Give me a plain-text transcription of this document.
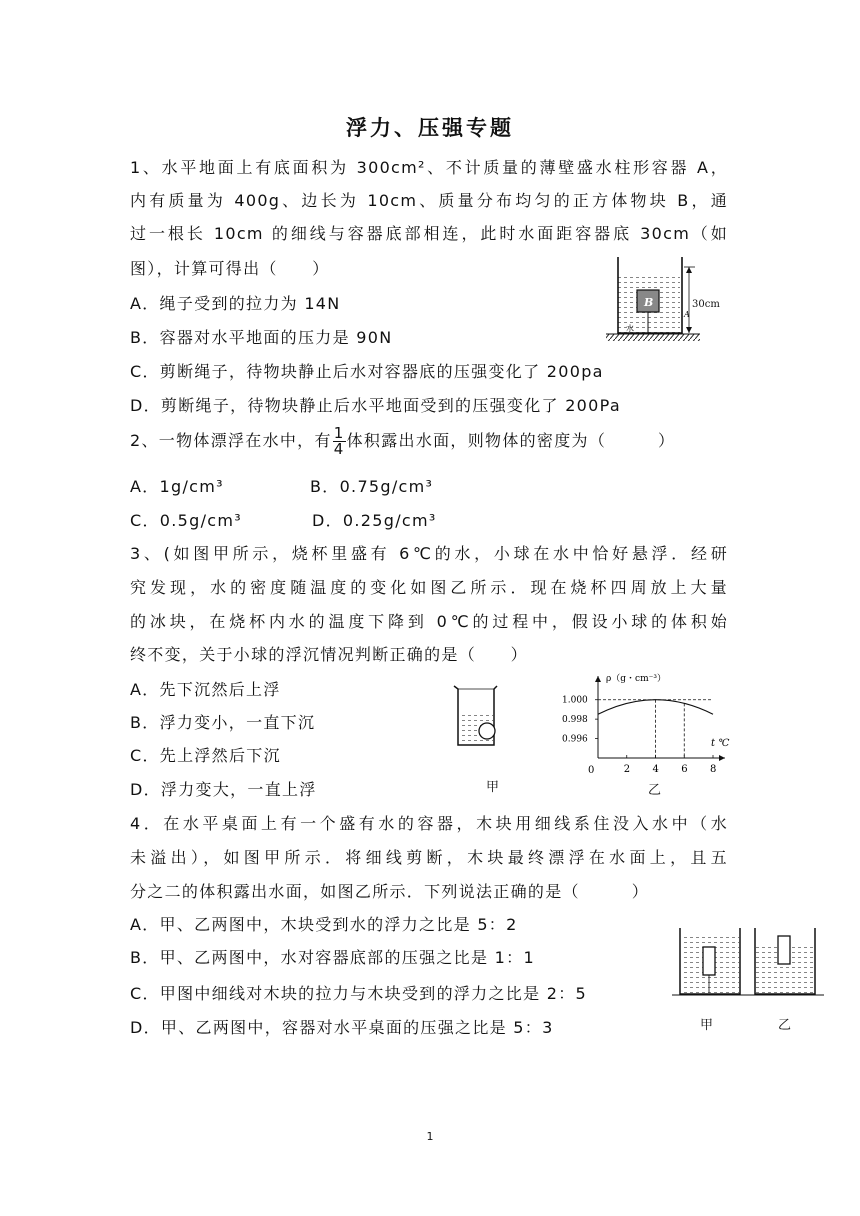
浮力、压强专题
1、水平地面上有底面积为 300cm²、不计质量的薄壁盛水柱形容器 A，
内有质量为 400g、边长为 10cm、质量分布均匀的正方体物块 B，通
过一根长 10cm 的细线与容器底部相连，此时水面距容器底 30cm（如
图），计算可得出（　　）
A．绳子受到的拉力为 14N
B．容器对水平地面的压力是 90N
C．剪断绳子，待物块静止后水对容器底的压强变化了 200pa
D．剪断绳子，待物块静止后水平地面受到的压强变化了 200Pa
B
水
A
30cm
2、一物体漂浮在水中，有 $\frac{1}{4}$ 体积露出水面，则物体的密度为（　　　）
A．1g/cm³	B．0.75g/cm³
C．0.5g/cm³	D．0.25g/cm³
3、(如图甲所示，烧杯里盛有 6℃的水，小球在水中恰好悬浮．经研
究发现，水的密度随温度的变化如图乙所示．现在烧杯四周放上大量
的冰块，在烧杯内水的温度下降到 0℃的过程中，假设小球的体积始
终不变，关于小球的浮沉情况判断正确的是（　　）
A．先下沉然后上浮
B．浮力变小，一直下沉
C．先上浮然后下沉
D．浮力变大，一直上浮	甲
ρ（g・cm⁻³）
t ℃
0	2 4 6 8
1.000
0.998
0.996
乙
4．在水平桌面上有一个盛有水的容器，木块用细线系住没入水中（水
未溢出），如图甲所示．将细线剪断，木块最终漂浮在水面上，且五
分之二的体积露出水面，如图乙所示．下列说法正确的是（　　　）
A．甲、乙两图中，木块受到水的浮力之比是 5：2
B．甲、乙两图中，水对容器底部的压强之比是 1：1
C．甲图中细线对木块的拉力与木块受到的浮力之比是 2：5
D．甲、乙两图中，容器对水平桌面的压强之比是 5：3	甲	乙
1
